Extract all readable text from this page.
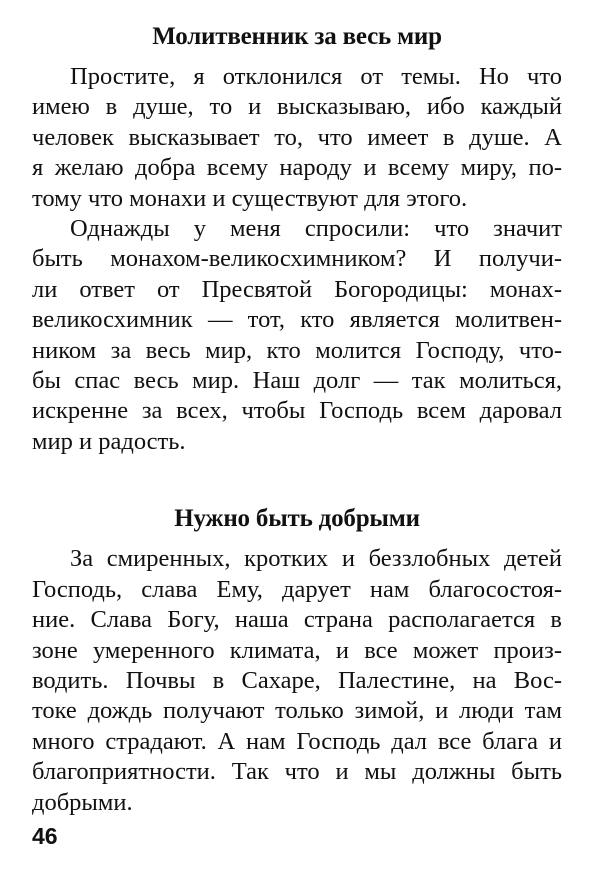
Молитвенник за весь мир
Простите, я отклонился от темы. Но что
имею в душе, то и высказываю, ибо каждый
человек высказывает то, что имеет в душе. А
я желаю добра всему народу и всему миру, по-
тому что монахи и существуют для этого.
Однажды у меня спросили: что значит
быть монахом-великосхимником? И получи-
ли ответ от Пресвятой Богородицы: монах-
великосхимник — тот, кто является молитвен-
ником за весь мир, кто молится Господу, что-
бы спас весь мир. Наш долг — так молиться,
искренне за всех, чтобы Господь всем даровал
мир и радость.
Нужно быть добрыми
За смиренных, кротких и беззлобных детей
Господь, слава Ему, дарует нам благосостоя-
ние. Слава Богу, наша страна располагается в
зоне умеренного климата, и все может произ-
водить. Почвы в Сахаре, Палестине, на Вос-
токе дождь получают только зимой, и люди там
много страдают. А нам Господь дал все блага и
благоприятности. Так что и мы должны быть
добрыми.
46
